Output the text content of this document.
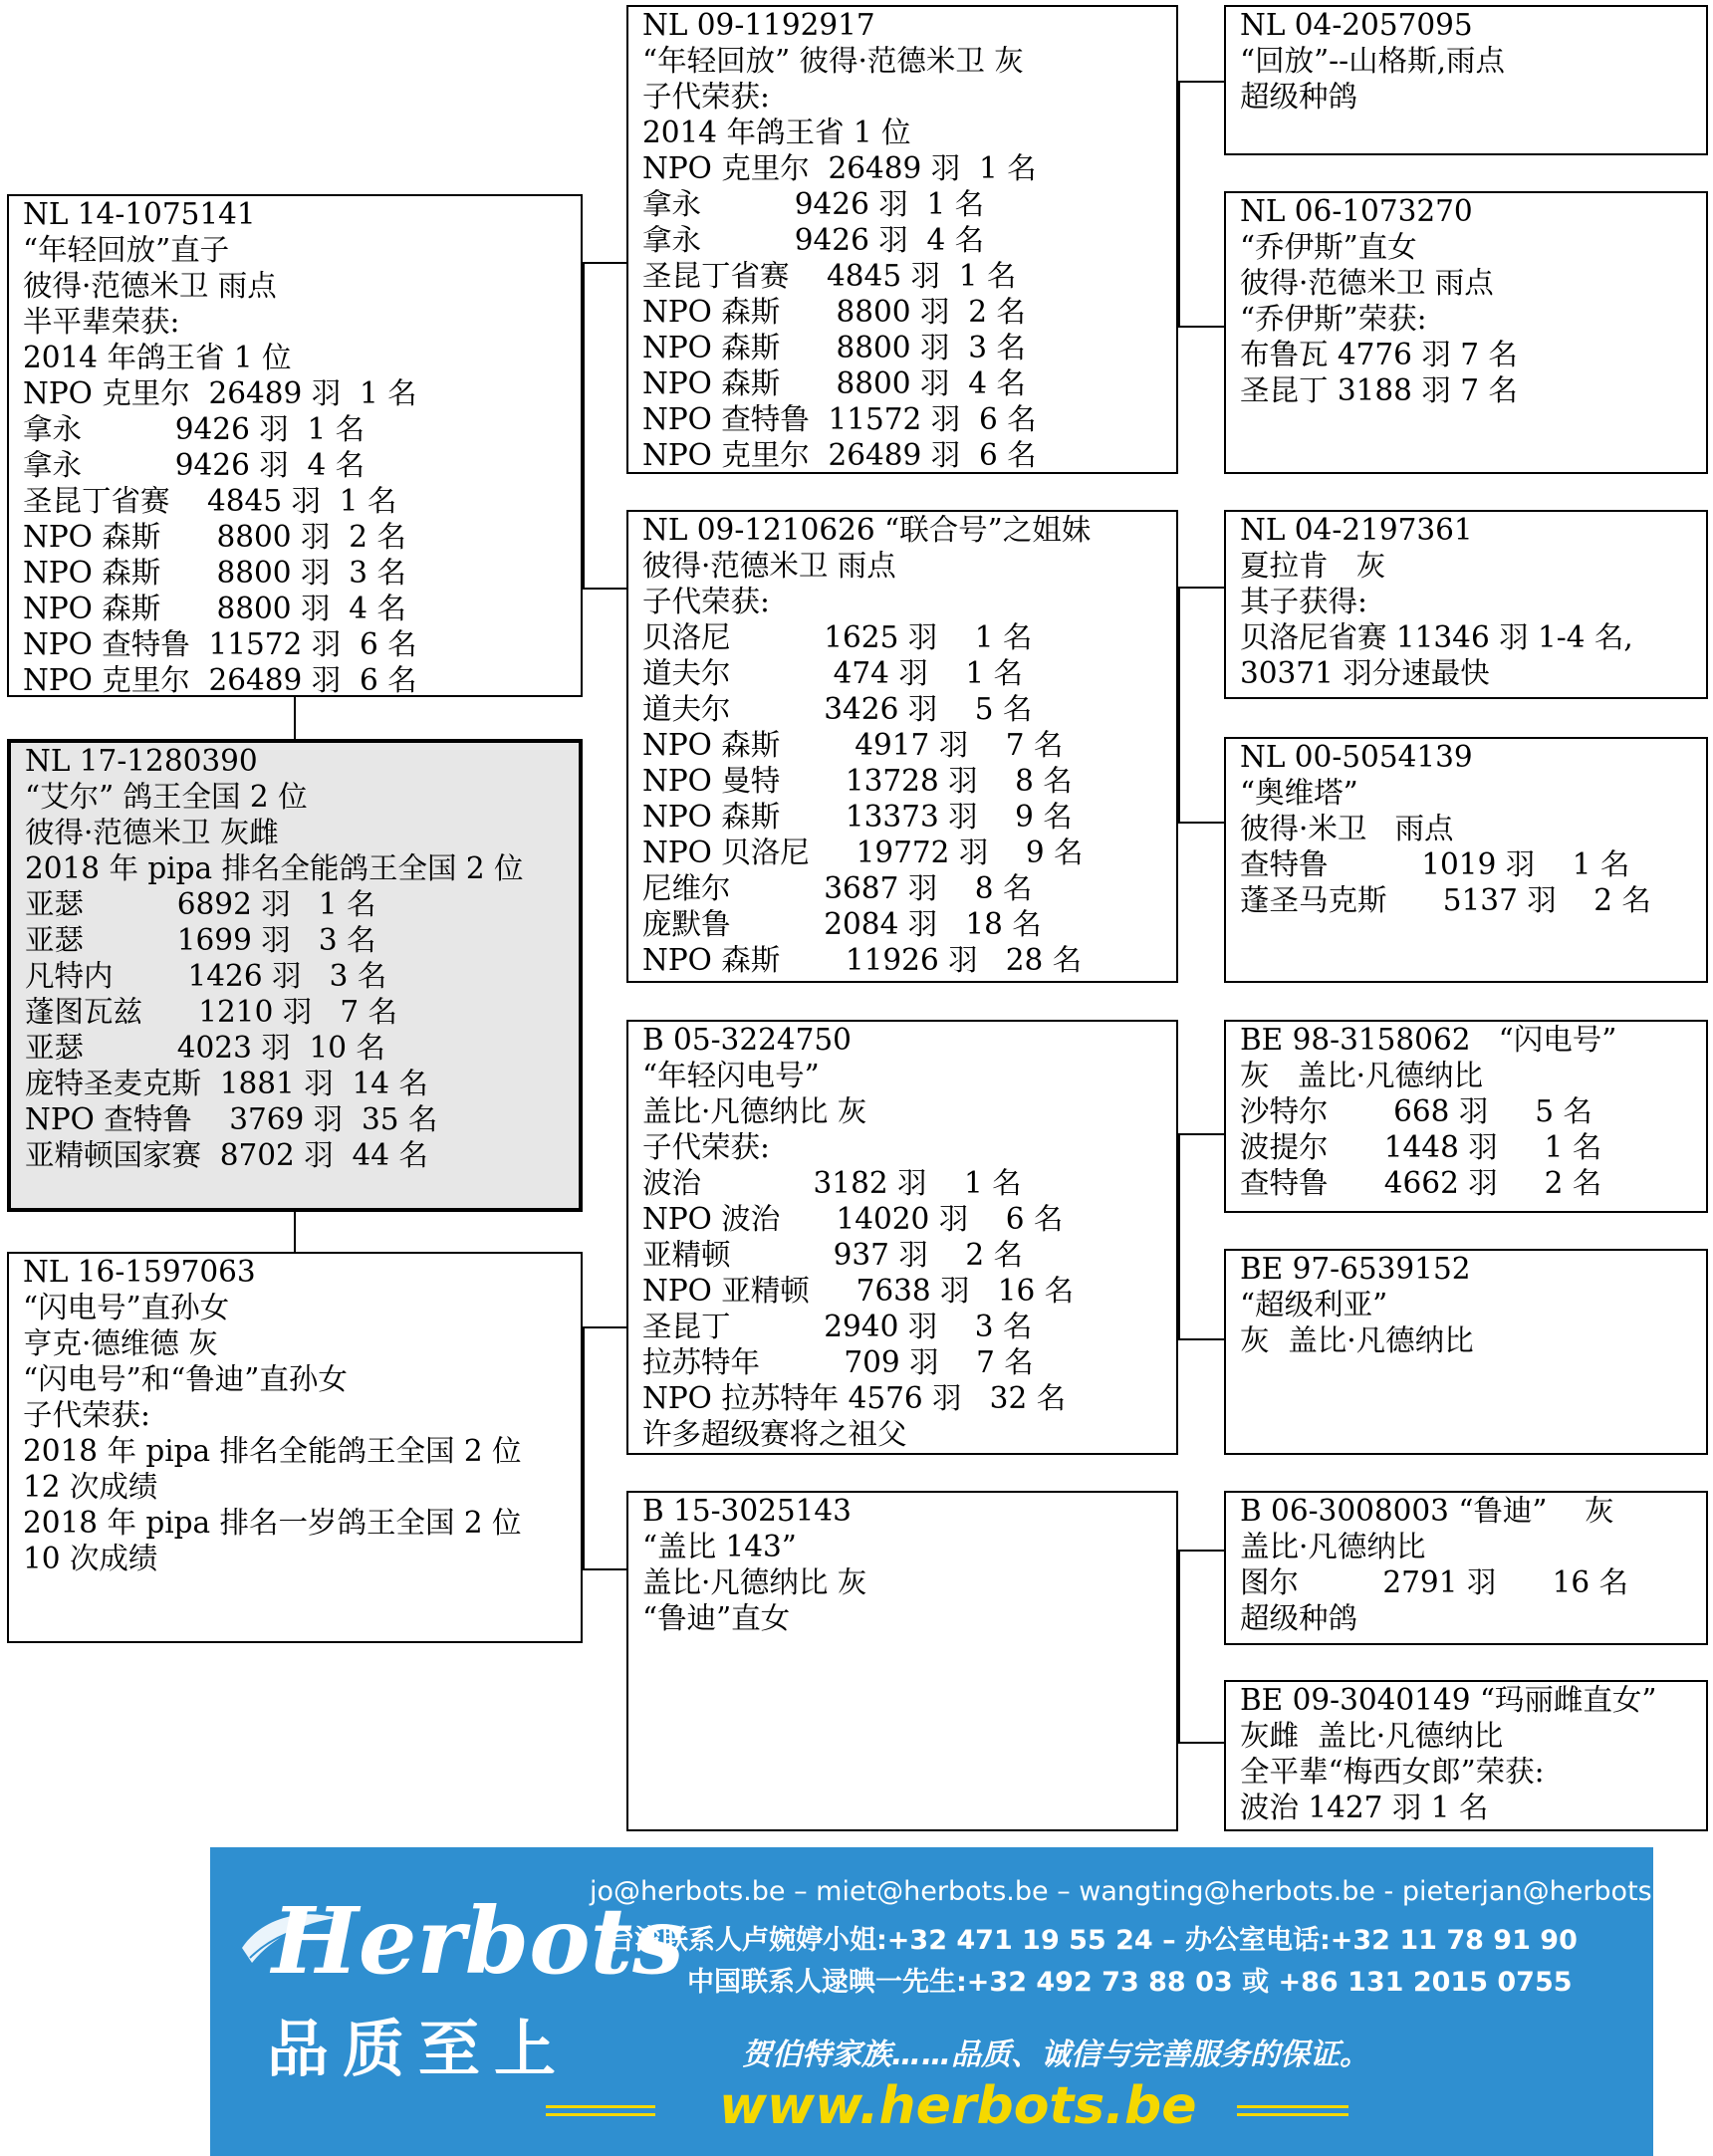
NL 14-1075141
“年轻回放”直子
彼得·范德米卫 雨点
半平辈荣获:
2014 年鸽王省 1 位
NPO 克里尔  26489 羽  1 名
拿永          9426 羽  1 名
拿永          9426 羽  4 名
圣昆丁省赛    4845 羽  1 名
NPO 森斯      8800 羽  2 名
NPO 森斯      8800 羽  3 名
NPO 森斯      8800 羽  4 名
NPO 查特鲁  11572 羽  6 名
NPO 克里尔  26489 羽  6 名
NL 17-1280390
“艾尔” 鸽王全国 2 位
彼得·范德米卫 灰雌
2018 年 pipa 排名全能鸽王全国 2 位
亚瑟          6892 羽   1 名
亚瑟          1699 羽   3 名
凡特内        1426 羽   3 名
蓬图瓦兹      1210 羽   7 名
亚瑟          4023 羽  10 名
庞特圣麦克斯  1881 羽  14 名
NPO 查特鲁    3769 羽  35 名
亚精顿国家赛  8702 羽  44 名
NL 16-1597063
“闪电号”直孙女
亨克·德维德 灰
“闪电号”和“鲁迪”直孙女
子代荣获:
2018 年 pipa 排名全能鸽王全国 2 位
12 次成绩
2018 年 pipa 排名一岁鸽王全国 2 位
10 次成绩
NL 09-1192917
“年轻回放” 彼得·范德米卫 灰
子代荣获:
2014 年鸽王省 1 位
NPO 克里尔  26489 羽  1 名
拿永          9426 羽  1 名
拿永          9426 羽  4 名
圣昆丁省赛    4845 羽  1 名
NPO 森斯      8800 羽  2 名
NPO 森斯      8800 羽  3 名
NPO 森斯      8800 羽  4 名
NPO 查特鲁  11572 羽  6 名
NPO 克里尔  26489 羽  6 名
NL 09-1210626 “联合号”之姐妹
彼得·范德米卫 雨点
子代荣获:
贝洛尼          1625 羽    1 名
道夫尔           474 羽    1 名
道夫尔          3426 羽    5 名
NPO 森斯        4917 羽    7 名
NPO 曼特       13728 羽    8 名
NPO 森斯       13373 羽    9 名
NPO 贝洛尼     19772 羽    9 名
尼维尔          3687 羽    8 名
庞默鲁          2084 羽   18 名
NPO 森斯       11926 羽   28 名
B 05-3224750
“年轻闪电号”
盖比·凡德纳比 灰
子代荣获:
波治            3182 羽    1 名
NPO 波治      14020 羽    6 名
亚精顿           937 羽    2 名
NPO 亚精顿     7638 羽   16 名
圣昆丁          2940 羽    3 名
拉苏特年         709 羽    7 名
NPO 拉苏特年 4576 羽   32 名
许多超级赛将之祖父
B 15-3025143
“盖比 143”
盖比·凡德纳比 灰
“鲁迪”直女
NL 04-2057095
“回放”--山格斯,雨点
超级种鸽
NL 06-1073270
“乔伊斯”直女
彼得·范德米卫 雨点
“乔伊斯”荣获:
布鲁瓦 4776 羽 7 名
圣昆丁 3188 羽 7 名
NL 04-2197361
夏拉肯   灰
其子获得:
贝洛尼省赛 11346 羽 1-4 名,
30371 羽分速最快
NL 00-5054139
“奥维塔”
彼得·米卫   雨点
查特鲁          1019 羽    1 名
蓬圣马克斯      5137 羽    2 名
BE 98-3158062   “闪电号”
灰   盖比·凡德纳比
沙特尔       668 羽     5 名
波提尔      1448 羽     1 名
查特鲁      4662 羽     2 名
BE 97-6539152
“超级利亚”
灰  盖比·凡德纳比
B 06-3008003 “鲁迪”    灰
盖比·凡德纳比
图尔         2791 羽      16 名
超级种鸽
BE 09-3040149 “玛丽雌直女”
灰雌  盖比·凡德纳比
全平辈“梅西女郎”荣获:
波治 1427 羽 1 名
Herbots
jo@herbots.be – miet@herbots.be – wangting@herbots.be - pieterjan@herbots.be
台湾联系人卢婉婷小姐:+32 471 19 55 24 – 办公室电话:+32 11 78 91 90
中国联系人逯晪一先生:+32 492 73 88 03 或 +86 131 2015 0755
品质至上	贺伯特家族……品质、诚信与完善服务的保证。
www.herbots.be
